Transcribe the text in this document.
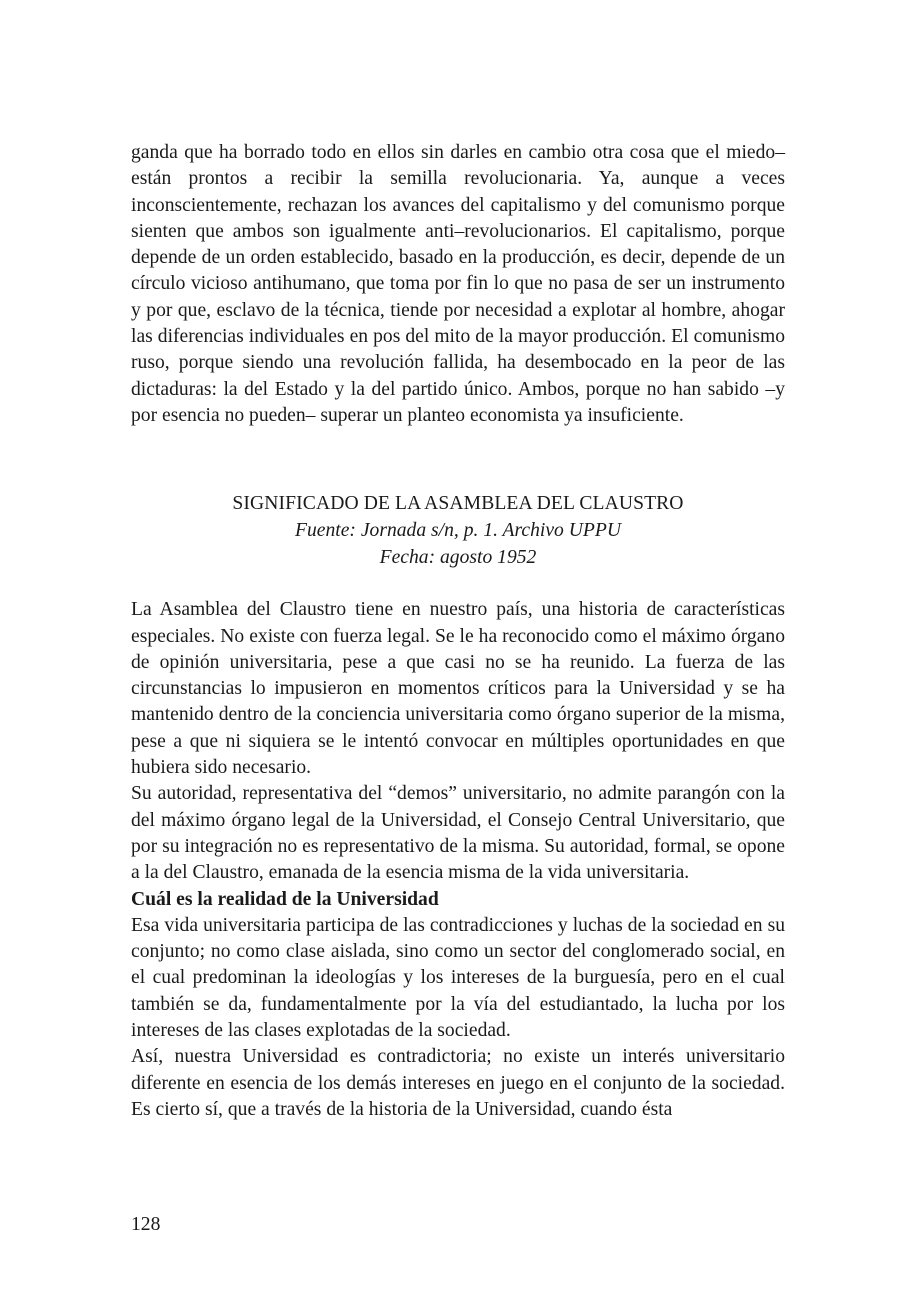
ganda que ha borrado todo en ellos sin darles en cambio otra cosa que el miedo– están prontos a recibir la semilla revolucionaria. Ya, aunque a veces inconscientemente, rechazan los avances del capitalismo y del comunismo porque sienten que ambos son igualmente anti–revolucionarios. El capitalismo, porque depende de un orden establecido, basado en la producción, es decir, depende de un círculo vicioso antihumano, que toma por fin lo que no pasa de ser un instrumento y por que, esclavo de la técnica, tiende por necesidad a explotar al hombre, ahogar las diferencias individuales en pos del mito de la mayor producción. El comunismo ruso, porque siendo una revolución fallida, ha desembocado en la peor de las dictaduras: la del Estado y la del partido único. Ambos, porque no han sabido –y por esencia no pueden– superar un planteo economista ya insuficiente.

SIGNIFICADO DE LA ASAMBLEA DEL CLAUSTRO
Fuente: Jornada s/n, p. 1. Archivo UPPU
Fecha: agosto 1952

La Asamblea del Claustro tiene en nuestro país, una historia de características especiales. No existe con fuerza legal. Se le ha reconocido como el máximo órgano de opinión universitaria, pese a que casi no se ha reunido. La fuerza de las circunstancias lo impusieron en momentos críticos para la Universidad y se ha mantenido dentro de la conciencia universitaria como órgano superior de la misma, pese a que ni siquiera se le intentó convocar en múltiples oportunidades en que hubiera sido necesario.

Su autoridad, representativa del “demos” universitario, no admite parangón con la del máximo órgano legal de la Universidad, el Consejo Central Universitario, que por su integración no es representativo de la misma. Su autoridad, formal, se opone a la del Claustro, emanada de la esencia misma de la vida universitaria.

Cuál es la realidad de la Universidad

Esa vida universitaria participa de las contradicciones y luchas de la sociedad en su conjunto; no como clase aislada, sino como un sector del conglomerado social, en el cual predominan la ideologías y los intereses de la burguesía, pero en el cual también se da, fundamentalmente por la vía del estudiantado, la lucha por los intereses de las clases explotadas de la sociedad.

Así, nuestra Universidad es contradictoria; no existe un interés universitario diferente en esencia de los demás intereses en juego en el conjunto de la sociedad. Es cierto sí, que a través de la historia de la Universidad, cuando ésta

128
